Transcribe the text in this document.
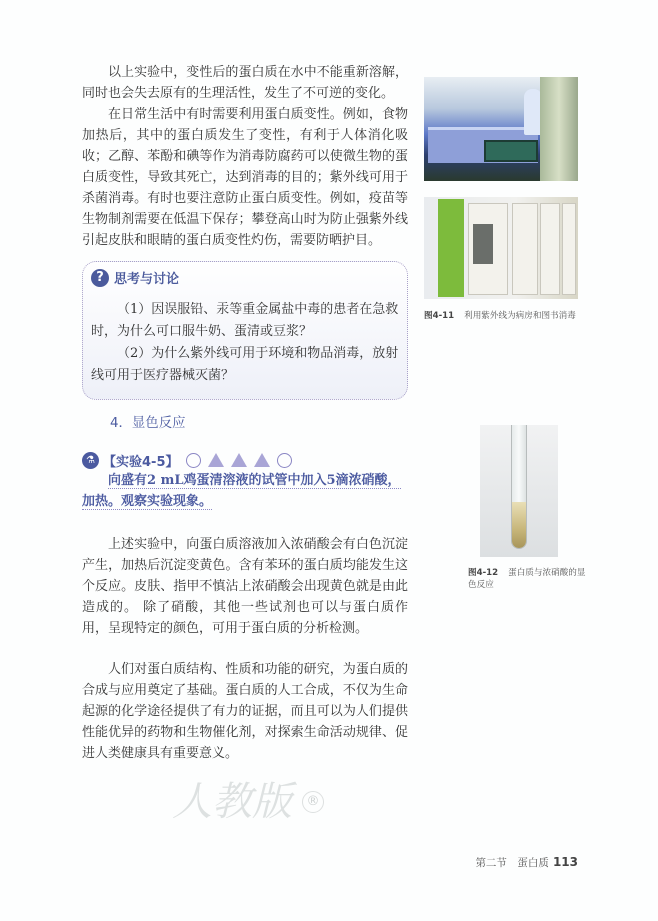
图4-11 利用紫外线为病房和图书消毒
图4-12 蛋白质与浓硝酸的显色反应
以上实验中，变性后的蛋白质在水中不能重新溶解，同时也会失去原有的生理活性，发生了不可逆的变化。
在日常生活中有时需要利用蛋白质变性。例如，食物加热后，其中的蛋白质发生了变性，有利于人体消化吸收；乙醇、苯酚和碘等作为消毒防腐药可以使微生物的蛋白质变性，导致其死亡，达到消毒的目的；紫外线可用于杀菌消毒。有时也要注意防止蛋白质变性。例如，疫苗等生物制剂需要在低温下保存；攀登高山时为防止强紫外线引起皮肤和眼睛的蛋白质变性灼伤，需要防晒护目。
? 思考与讨论
（1）因误服铅、汞等重金属盐中毒的患者在急救时，为什么可口服牛奶、蛋清或豆浆？
（2）为什么紫外线可用于环境和物品消毒，放射线可用于医疗器械灭菌？
4．显色反应
⚗ 【实验4-5】
向盛有2 mL鸡蛋清溶液的试管中加入5滴浓硝酸，加热。观察实验现象。
上述实验中，向蛋白质溶液加入浓硝酸会有白色沉淀产生，加热后沉淀变黄色。含有苯环的蛋白质均能发生这个反应。皮肤、指甲不慎沾上浓硝酸会出现黄色就是由此造成的。 除了硝酸，其他一些试剂也可以与蛋白质作用，呈现特定的颜色，可用于蛋白质的分析检测。
人们对蛋白质结构、性质和功能的研究，为蛋白质的合成与应用奠定了基础。蛋白质的人工合成，不仅为生命起源的化学途径提供了有力的证据，而且可以为人们提供性能优异的药物和生物催化剂，对探索生命活动规律、促进人类健康具有重要意义。
人教版	®
第二节　蛋白质 113
